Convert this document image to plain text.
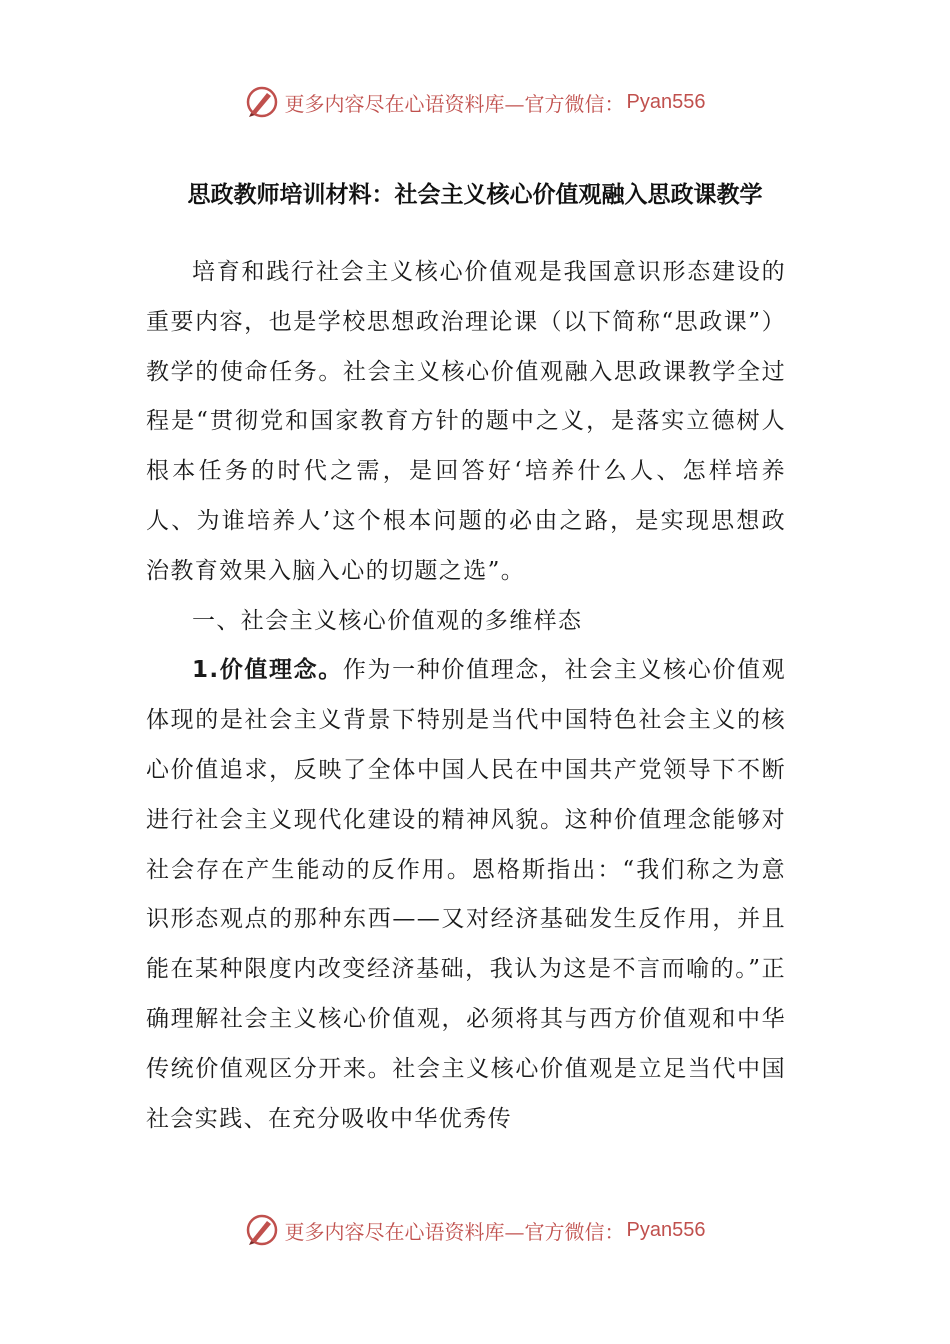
更多内容尽在心语资料库—官方微信： Pyan556
思政教师培训材料：社会主义核心价值观融入思政课教学

培育和践行社会主义核心价值观是我国意识形态建设的重要内容，也是学校思想政治理论课（以下简称“思政课”）教学的使命任务。社会主义核心价值观融入思政课教学全过程是“贯彻党和国家教育方针的题中之义，是落实立德树人根本任务的时代之需，是回答好‘培养什么人、怎样培养人、为谁培养人’这个根本问题的必由之路，是实现思想政治教育效果入脑入心的切题之选”。

一、社会主义核心价值观的多维样态

1.价值理念。作为一种价值理念，社会主义核心价值观体现的是社会主义背景下特别是当代中国特色社会主义的核心价值追求，反映了全体中国人民在中国共产党领导下不断进行社会主义现代化建设的精神风貌。这种价值理念能够对社会存在产生能动的反作用。恩格斯指出：“我们称之为意识形态观点的那种东西——又对经济基础发生反作用，并且能在某种限度内改变经济基础，我认为这是不言而喻的。”正确理解社会主义核心价值观，必须将其与西方价值观和中华传统价值观区分开来。社会主义核心价值观是立足当代中国社会实践、在充分吸收中华优秀传

更多内容尽在心语资料库—官方微信： Pyan556
